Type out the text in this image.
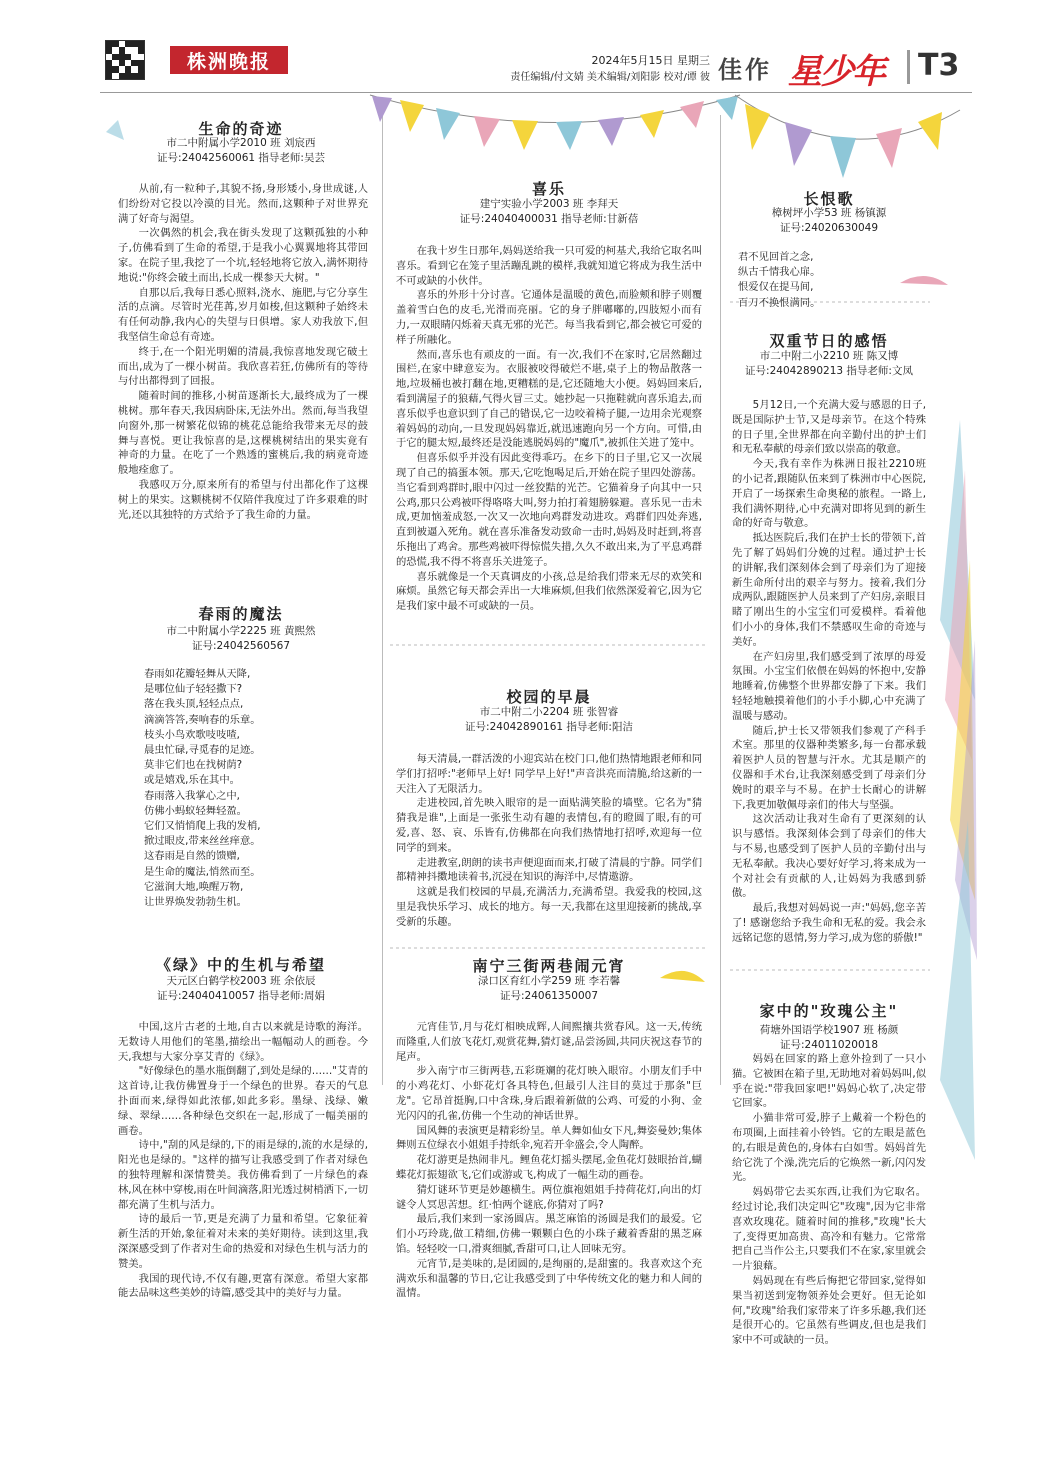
株洲晚报	2024年5月15日 星期三
责任编辑/付文婧 美术编辑/刘阳影 校对/谭 彼 佳作 星少年 T3
生命的奇迹
市二中附属小学2010 班 刘宸西
证号:24042560061 指导老师:吴芸

从前,有一粒种子,其貌不扬,身形矮小,身世成谜,人们纷纷对它投以冷漠的目光。然而,这颗种子对世界充满了好奇与渴望。

一次偶然的机会,我在街头发现了这颗孤独的小种子,仿佛看到了生命的希望,于是我小心翼翼地将其带回家。在院子里,我挖了一个坑,轻轻地将它放入,满怀期待地说:"你终会破土而出,长成一棵参天大树。"

自那以后,我每日悉心照料,浇水、施肥,与它分享生活的点滴。尽管时光荏苒,岁月如梭,但这颗种子始终未有任何动静,我内心的失望与日俱增。家人劝我放下,但我坚信生命总有奇迹。

终于,在一个阳光明媚的清晨,我惊喜地发现它破土而出,成为了一棵小树苗。我欣喜若狂,仿佛所有的等待与付出都得到了回报。

随着时间的推移,小树苗逐渐长大,最终成为了一棵桃树。那年春天,我因病卧床,无法外出。然而,每当我望向窗外,那一树繁花似锦的桃花总能给我带来无尽的鼓舞与喜悦。更让我惊喜的是,这棵桃树结出的果实竟有神奇的力量。在吃了一个熟透的蜜桃后,我的病竟奇迹般地痊愈了。

我感叹万分,原来所有的希望与付出都化作了这棵树上的果实。这颗桃树不仅陪伴我度过了许多艰难的时光,还以其独特的方式给予了我生命的力量。

春雨的魔法
市二中附属小学2225 班 黄熙然
证号:24042560567
春雨如花瓣轻舞从天降,
是哪位仙子轻轻撒下?
落在我头顶,轻轻点点,
滴滴答答,奏响春的乐章。
枝头小鸟欢歌吱吱喳,
晨虫忙碌,寻觅春的足迹。
莫非它们也在找树荫?
或是嬉戏,乐在其中。
春雨落入我掌心之中,
仿佛小蚂蚁轻舞轻盈。
它们又悄悄爬上我的发梢,
掀过眼皮,带来丝丝痒意。
这春雨是自然的馈赠,
是生命的魔法,悄然而至。
它滋润大地,唤醒万物,
让世界焕发勃勃生机。
《绿》中的生机与希望
天元区白鹤学校2003 班 余依辰
证号:24040410057 指导老师:周娟

中国,这片古老的土地,自古以来就是诗歌的海洋。无数诗人用他们的笔墨,描绘出一幅幅动人的画卷。今天,我想与大家分享艾青的《绿》。

"好像绿色的墨水瓶倒翻了,到处是绿的……"艾青的这首诗,让我仿佛置身于一个绿色的世界。春天的气息扑面而来,绿得如此浓郁,如此多彩。墨绿、浅绿、嫩绿、翠绿……各种绿色交织在一起,形成了一幅美丽的画卷。

诗中,"刮的风是绿的,下的雨是绿的,流的水是绿的,阳光也是绿的。"这样的描写让我感受到了作者对绿色的独特理解和深情赞美。我仿佛看到了一片绿色的森林,风在林中穿梭,雨在叶间滴落,阳光透过树梢洒下,一切都充满了生机与活力。

诗的最后一节,更是充满了力量和希望。它象征着新生活的开始,象征着对未来的美好期待。读到这里,我深深感受到了作者对生命的热爱和对绿色生机与活力的赞美。

我国的现代诗,不仅有趣,更富有深意。希望大家都能去品味这些美妙的诗篇,感受其中的美好与力量。

喜乐
建宁实验小学2003 班 李拜天
证号:24040400031 指导老师:甘新蓓

在我十岁生日那年,妈妈送给我一只可爱的柯基犬,我给它取名叫喜乐。看到它在笼子里活蹦乱跳的模样,我就知道它将成为我生活中不可或缺的小伙伴。

喜乐的外形十分讨喜。它通体是温暖的黄色,而脸颊和脖子则覆盖着雪白色的皮毛,光滑而亮丽。它的身子胖嘟嘟的,四肢短小而有力,一双眼睛闪烁着天真无邪的光芒。每当我看到它,都会被它可爱的样子所融化。

然而,喜乐也有顽皮的一面。有一次,我们不在家时,它居然翻过围栏,在家中肆意妄为。衣服被咬得破烂不堪,桌子上的物品散落一地,垃圾桶也被打翻在地,更糟糕的是,它还随地大小便。妈妈回来后,看到满屋子的狼藉,气得火冒三丈。她抄起一只拖鞋就向喜乐追去,而喜乐似乎也意识到了自己的错误,它一边咬着椅子腿,一边用余光观察着妈妈的动向,一旦发现妈妈靠近,就迅速跑向另一个方向。可惜,由于它的腿太短,最终还是没能逃脱妈妈的"魔爪",被抓住关进了笼中。

但喜乐似乎并没有因此变得乖巧。在乡下的日子里,它又一次展现了自己的搞蛋本领。那天,它吃饱喝足后,开始在院子里四处游荡。当它看到鸡群时,眼中闪过一丝狡黠的光芒。它猫着身子向其中一只公鸡,那只公鸡被吓得咯咯大叫,努力拍打着翅膀躲避。喜乐见一击未成,更加恼羞成怒,一次又一次地向鸡群发动进攻。鸡群们四处奔逃,直到被逼入死角。就在喜乐准备发动致命一击时,妈妈及时赶到,将喜乐拖出了鸡舍。那些鸡被吓得惊慌失措,久久不敢出来,为了平息鸡群的恐慌,我不得不将喜乐关进笼子。

喜乐就像是一个天真调皮的小孩,总是给我们带来无尽的欢笑和麻烦。虽然它每天都会弄出一大堆麻烦,但我们依然深爱着它,因为它是我们家中最不可或缺的一员。

校园的早晨
市二中附二小2204 班 张智睿
证号:24042890161 指导老师:阳洁

每天清晨,一群活泼的小迎宾站在校门口,他们热情地跟老师和同学们打招呼:"老师早上好! 同学早上好!"声音洪亮而清脆,给这新的一天注入了无限活力。

走进校园,首先映入眼帘的是一面贴满笑脸的墙壁。它名为"猜猜我是谁",上面是一张张生动有趣的表情包,有的瞪圆了眼,有的可爱,喜、怒、哀、乐皆有,仿佛都在向我们热情地打招呼,欢迎每一位同学的到来。

走进教室,朗朗的读书声便迎面而来,打破了清晨的宁静。同学们都精神抖擞地读着书,沉浸在知识的海洋中,尽情遨游。

这就是我们校园的早晨,充满活力,充满希望。我爱我的校园,这里是我快乐学习、成长的地方。每一天,我都在这里迎接新的挑战,享受新的乐趣。

南宁三街两巷闹元宵
渌口区育红小学259 班 李若馨
证号:24061350007

元宵佳节,月与花灯相映成辉,人间熙攘共赏春风。这一天,传统而隆重,人们放飞花灯,观赏花舞,猜灯谜,品尝汤圆,共同庆祝这春节的尾声。

步入南宁市三街两巷,五彩斑斓的花灯映入眼帘。小朋友们手中的小鸡花灯、小虾花灯各具特色,但最引人注目的莫过于那条"巨龙"。它昂首挺胸,口中含珠,身后跟着新做的公鸡、可爱的小狗、金光闪闪的孔雀,仿佛一个生动的神话世界。

国风舞的表演更是精彩纷呈。单人舞如仙女下凡,舞姿曼妙;集体舞则五位绿衣小姐姐手持纸伞,宛若开伞盛会,令人陶醉。

花灯游更是热闹非凡。鲤鱼花灯摇头摆尾,金鱼花灯鼓眼抬首,蝴蝶花灯振翅欲飞,它们或游或飞,构成了一幅生动的画卷。

猜灯谜环节更是妙趣横生。两位旗袍姐姐手持荷花灯,向出的灯谜令人冥思苦想。红·怕两个谜底,你猜对了吗?

最后,我们来到一家汤圆店。黑芝麻馅的汤圆是我们的最爱。它们小巧玲珑,做工精细,仿佛一颗颗白色的小珠子藏着香甜的黑芝麻馅。轻轻咬一口,滑爽细腻,香甜可口,让人回味无穷。

元宵节,是美味的,是团圆的,是绚丽的,是甜蜜的。我喜欢这个充满欢乐和温馨的节日,它让我感受到了中华传统文化的魅力和人间的温情。

长恨歌
樟树坪小学53 班 杨镇源
证号:24020630049
君不见回首之念,
纵古千情我心扉。
恨爱仅在提马间,
百刀不换恨满同。
双重节日的感悟
市二中附二小2210 班 陈又博
证号:24042890213 指导老师:文凤

5月12日,一个充满大爱与感恩的日子,既是国际护士节,又是母亲节。在这个特殊的日子里,全世界都在向辛勤付出的护士们和无私奉献的母亲们致以崇高的敬意。

今天,我有幸作为株洲日报社2210班的小记者,跟随队伍来到了株洲市中心医院,开启了一场探索生命奥秘的旅程。一路上,我们满怀期待,心中充满对即将见到的新生命的好奇与敬意。

抵达医院后,我们在护士长的带领下,首先了解了妈妈们分娩的过程。通过护士长的讲解,我们深刻体会到了母亲们为了迎接新生命所付出的艰辛与努力。接着,我们分成两队,跟随医护人员来到了产妇房,亲眼目睹了刚出生的小宝宝们可爱模样。看着他们小小的身体,我们不禁感叹生命的奇迹与美好。

在产妇房里,我们感受到了浓厚的母爱氛围。小宝宝们依偎在妈妈的怀抱中,安静地睡着,仿佛整个世界都安静了下来。我们轻轻地触摸着他们的小手小脚,心中充满了温暖与感动。

随后,护士长又带领我们参观了产科手术室。那里的仪器种类繁多,每一台都承载着医护人员的智慧与汗水。尤其是顺产的仪器和手术台,让我深刻感受到了母亲们分娩时的艰辛与不易。在护士长耐心的讲解下,我更加敬佩母亲们的伟大与坚强。

这次活动让我对生命有了更深刻的认识与感悟。我深刻体会到了母亲们的伟大与不易,也感受到了医护人员的辛勤付出与无私奉献。我决心要好好学习,将来成为一个对社会有贡献的人,让妈妈为我感到骄傲。

最后,我想对妈妈说一声:"妈妈,您辛苦了! 感谢您给予我生命和无私的爱。我会永远铭记您的恩情,努力学习,成为您的骄傲!"

家中的"玫瑰公主"
荷塘外国语学校1907 班 杨颜
证号:24011020018

妈妈在回家的路上意外捡到了一只小猫。它被困在箱子里,无助地对着妈妈叫,似乎在说:"带我回家吧!"妈妈心软了,决定带它回家。

小猫非常可爱,脖子上戴着一个粉色的布项圈,上面挂着小铃铛。它的左眼是蓝色的,右眼是黄色的,身体右白如雪。妈妈首先给它洗了个澡,洗完后的它焕然一新,闪闪发光。

妈妈带它去买东西,让我们为它取名。经过讨论,我们决定叫它"玫瑰",因为它非常喜欢玫瑰花。随着时间的推移,"玫瑰"长大了,变得更加高贵、高冷和有魅力。它常常把自己当作公主,只要我们不在家,家里就会一片狼藉。

妈妈现在有些后悔把它带回家,觉得如果当初送到宠物领养处会更好。但无论如何,"玫瑰"给我们家带来了许多乐趣,我们还是很开心的。它虽然有些调皮,但也是我们家中不可或缺的一员。
